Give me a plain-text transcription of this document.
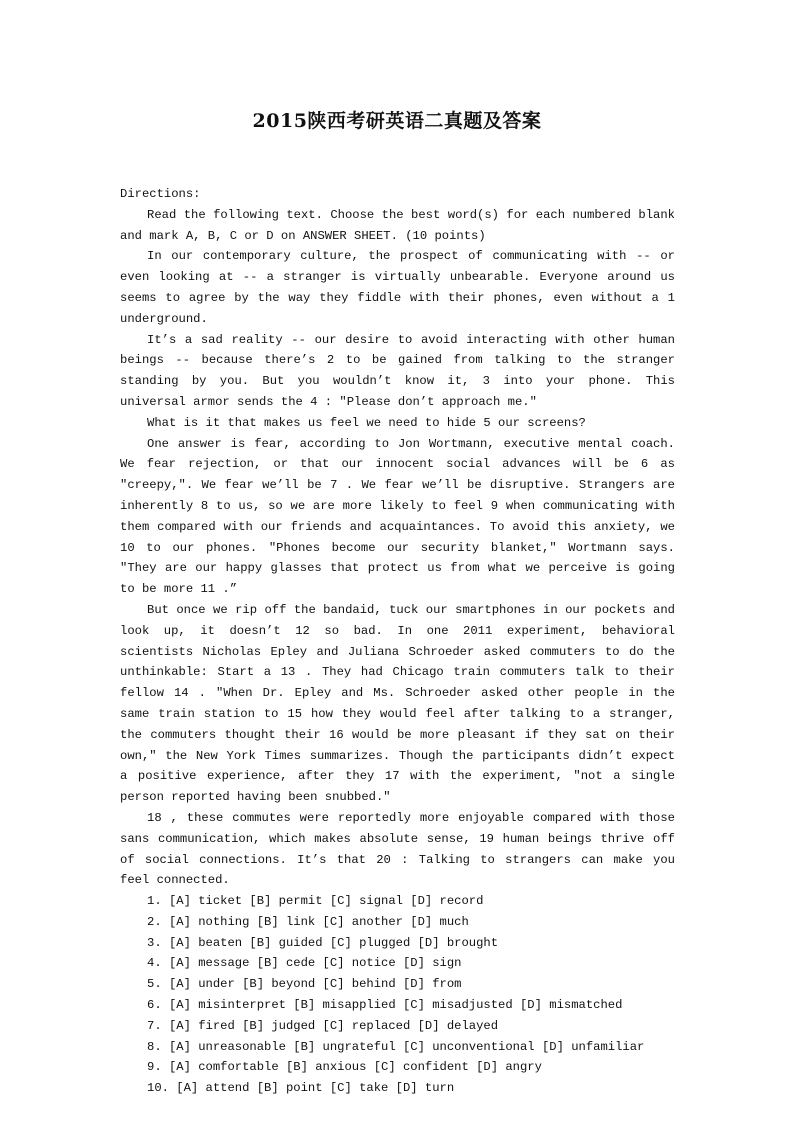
2015陕西考研英语二真题及答案

Directions:

Read the following text. Choose the best word(s) for each numbered blank and mark A, B, C or D on ANSWER SHEET. (10 points)

In our contemporary culture, the prospect of communicating with -- or even looking at -- a stranger is virtually unbearable. Everyone around us seems to agree by the way they fiddle with their phones, even without a 1 underground.

It’s a sad reality -- our desire to avoid interacting with other human beings -- because there’s 2 to be gained from talking to the stranger standing by you. But you wouldn’t know it, 3 into your phone. This universal armor sends the 4 : "Please don’t approach me."

What is it that makes us feel we need to hide 5 our screens?

One answer is fear, according to Jon Wortmann, executive mental coach. We fear rejection, or that our innocent social advances will be 6 as "creepy,". We fear we’ll be 7 . We fear we’ll be disruptive. Strangers are inherently 8 to us, so we are more likely to feel 9 when communicating with them compared with our friends and acquaintances. To avoid this anxiety, we 10 to our phones. "Phones become our security blanket," Wortmann says. "They are our happy glasses that protect us from what we perceive is going to be more 11 .”

But once we rip off the bandaid, tuck our smartphones in our pockets and look up, it doesn’t 12 so bad. In one 2011 experiment, behavioral scientists Nicholas Epley and Juliana Schroeder asked commuters to do the unthinkable: Start a 13 . They had Chicago train commuters talk to their fellow 14 . "When Dr. Epley and Ms. Schroeder asked other people in the same train station to 15 how they would feel after talking to a stranger, the commuters thought their 16 would be more pleasant if they sat on their own," the New York Times summarizes. Though the participants didn’t expect a positive experience, after they 17 with the experiment, "not a single person reported having been snubbed."

18 , these commutes were reportedly more enjoyable compared with those sans communication, which makes absolute sense, 19 human beings thrive off of social connections. It’s that 20 : Talking to strangers can make you feel connected.

1. [A] ticket [B] permit [C] signal [D] record
2. [A] nothing [B] link [C] another [D] much
3. [A] beaten [B] guided [C] plugged [D] brought
4. [A] message [B] cede [C] notice [D] sign
5. [A] under [B] beyond [C] behind [D] from
6. [A] misinterpret [B] misapplied [C] misadjusted [D] mismatched
7. [A] fired [B] judged [C] replaced [D] delayed
8. [A] unreasonable [B] ungrateful [C] unconventional [D] unfamiliar
9. [A] comfortable [B] anxious [C] confident [D] angry
10. [A] attend [B] point [C] take [D] turn
